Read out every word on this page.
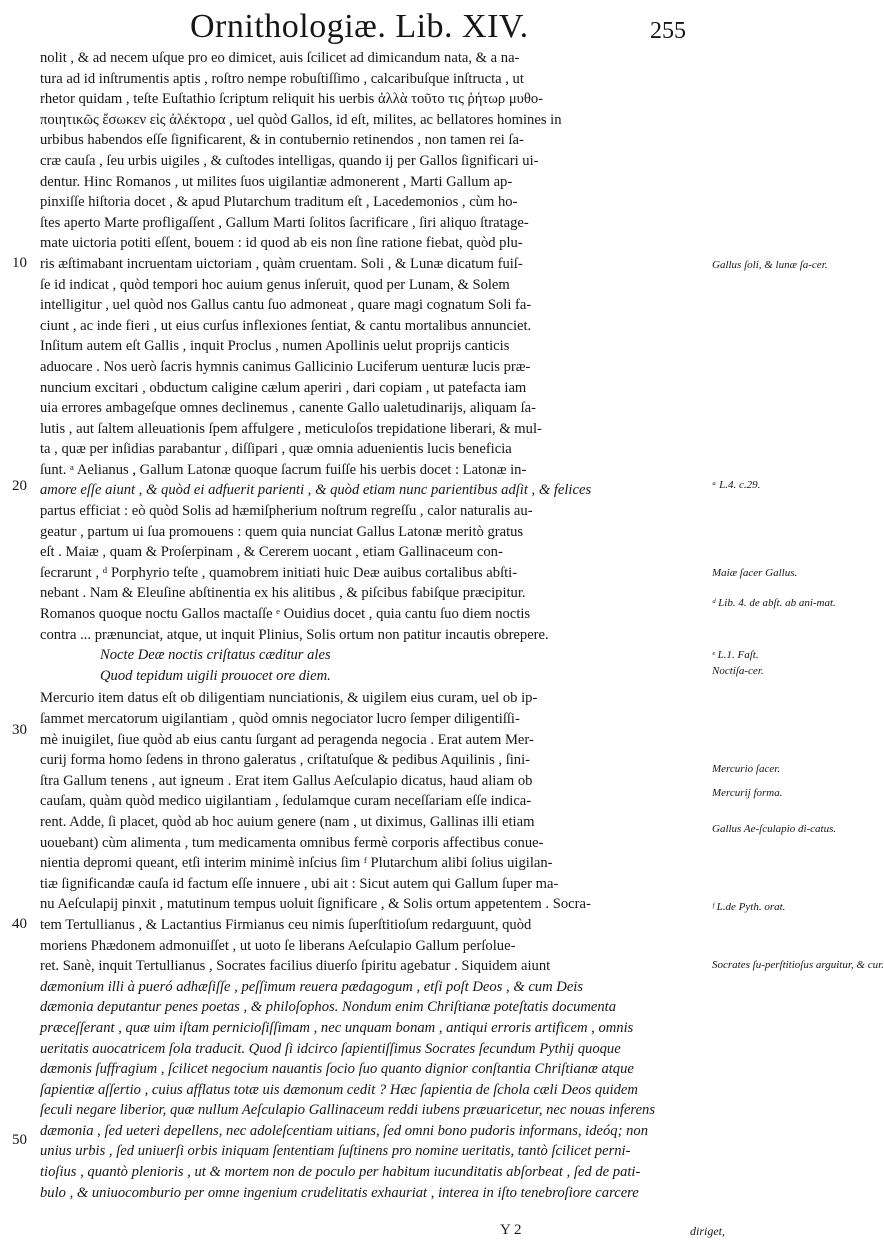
Ornithologiæ. Lib. XIV.	255
10
20
30
40
50
nolit , & ad necem uſque pro eo dimicet, auis ſcilicet ad dimicandum nata, & a na-
tura ad id inſtrumentis aptis , roſtro nempe robuſtiſſimo , calcaribuſque inſtructa , ut
rhetor quidam , teſte Euſtathio ſcriptum reliquit his uerbis ἀλλὰ τοῦτο τις ῥήτωρ μυθο-
ποιητικῶς ἔσωκεν εἰς ἀλέκτορα , uel quòd Gallos, id eſt, milites, ac bellatores homines in
urbibus habendos eſſe ſignificarent, & in contubernio retinendos , non tamen rei ſa-
cræ cauſa , ſeu urbis uigiles , & cuſtodes intelligas, quando ij per Gallos ſignificari ui-
dentur. Hinc Romanos , ut milites ſuos uigilantiæ admonerent , Marti Gallum ap-
pinxiſſe hiſtoria docet , & apud Plutarchum traditum eſt , Lacedemonios , cùm ho-
ſtes aperto Marte profligaſſent , Gallum Marti ſolitos ſacrificare , ſiri aliquo ſtratage-
mate uictoria potiti eſſent, bouem : id quod ab eis non ſine ratione fiebat, quòd plu-
ris æſtimabant incruentam uictoriam , quàm cruentam. Soli , & Lunæ dicatum fuiſ-
ſe id indicat , quòd tempori hoc auium genus inſeruit, quod per Lunam, & Solem
intelligitur , uel quòd nos Gallus cantu ſuo admoneat , quare magi cognatum Soli fa-
ciunt , ac inde fieri , ut eius curſus inflexiones ſentiat, & cantu mortalibus annunciet.
Inſitum autem eſt Gallis , inquit Proclus , numen Apollinis uelut proprijs canticis
aduocare . Nos uerò ſacris hymnis canimus Gallicinio Luciferum uenturæ lucis præ-
nuncium excitari , obductum caligine cælum aperiri , dari copiam , ut patefacta iam
uia errores ambageſque omnes declinemus , canente Gallo ualetudinarijs, aliquam ſa-
lutis , aut ſaltem alleuationis ſpem affulgere , meticuloſos trepidatione liberari, & mul-
ta , quæ per inſidias parabantur , diſſipari , quæ omnia aduenientis lucis beneficia
ſunt. ᵃ Aelianus , Gallum Latonæ quoque ſacrum fuiſſe his uerbis docet : Latonæ in-
amore eſſe aiunt , & quòd ei adfuerit parienti , & quòd etiam nunc parientibus adſit , & felices
partus efficiat : eò quòd Solis ad hæmiſpherium noſtrum regreſſu , calor naturalis au-
geatur , partum ui ſua promouens : quem quia nunciat Gallus Latonæ meritò gratus
eſt . Maiæ , quam & Proſerpinam , & Cererem uocant , etiam Gallinaceum con-
ſecrarunt , ᵈ Porphyrio teſte , quamobrem initiati huic Deæ auibus cortalibus abſti-
nebant . Nam & Eleuſine abſtinentia ex his alitibus , & piſcibus fabiſque præcipitur.
Romanos quoque noctu Gallos mactaſſe ᵉ Ouidius docet , quia cantu ſuo diem noctis
contra ... prænunciat, atque, ut inquit Plinius, Solis ortum non patitur incautis obrepere.
Nocte Deæ noctis criſtatus cæditur ales
Quod tepidum uigili prouocet ore diem.
Mercurio item datus eſt ob diligentiam nunciationis, & uigilem eius curam, uel ob ip-
ſammet mercatorum uigilantiam , quòd omnis negociator lucro ſemper diligentiſſi-
mè inuigilet, ſiue quòd ab eius cantu ſurgant ad peragenda negocia . Erat autem Mer-
curij forma homo ſedens in throno galeratus , criſtatuſque & pedibus Aquilinis , ſini-
ſtra Gallum tenens , aut igneum . Erat item Gallus Aeſculapio dicatus, haud aliam ob
cauſam, quàm quòd medico uigilantiam , ſedulamque curam neceſſariam eſſe indica-
rent. Adde, ſi placet, quòd ab hoc auium genere (nam , ut diximus, Gallinas illi etiam
uouebant) cùm alimenta , tum medicamenta omnibus fermè corporis affectibus conue-
nientia depromi queant, etſi interim minimè inſcius ſim ᶠ Plutarchum alibi ſolius uigilan-
tiæ ſignificandæ cauſa id factum eſſe innuere , ubi ait : Sicut autem qui Gallum ſuper ma-
nu Aeſculapij pinxit , matutinum tempus uoluit ſignificare , & Solis ortum appetentem . Socra-
tem Tertullianus , & Lactantius Firmianus ceu nimis ſuperſtitioſum redarguunt, quòd
moriens Phædonem admonuiſſet , ut uoto ſe liberans Aeſculapio Gallum perſolue-
ret. Sanè, inquit Tertullianus , Socrates facilius diuerſo ſpiritu agebatur . Siquidem aiunt
dæmonium illi à pueró adhæſiſſe , peſſimum reuera pædagogum , etſi poſt Deos , & cum Deis
dæmonia deputantur penes poetas , & philoſophos. Nondum enim Chriſtianæ poteſtatis documenta
præceſſerant , quæ uim iſtam pernicioſiſſimam , nec unquam bonam , antiqui erroris artificem , omnis
ueritatis auocatricem ſola traducit. Quod ſi idcirco ſapientiſſimus Socrates ſecundum Pythij quoque
dæmonis ſuffragium , ſcilicet negocium nauantis ſocio ſuo quanto dignior conſtantia Chriſtianæ atque
ſapientiæ aſſertio , cuius afflatus totæ uis dæmonum cedit ? Hæc ſapientia de ſchola cæli Deos quidem
ſeculi negare liberior, quæ nullum Aeſculapio Gallinaceum reddi iubens præuaricetur, nec nouas inferens
dæmonia , ſed ueteri depellens, nec adoleſcentiam uitians, ſed omni bono pudoris informans, ideóq; non
unius urbis , ſed uniuerſi orbis iniquam ſententiam ſuſtinens pro nomine ueritatis, tantò ſcilicet perni-
tioſius , quantò plenioris , ut & mortem non de poculo per habitum iucunditatis abſorbeat , ſed de pati-
bulo , & uniuocomburio per omne ingenium crudelitatis exhauriat , interea in iſto tenebroſiore carcere
Gallus ſoli, & lunæ ſa-cer.
ᵃ L.4. c.29.
Maiæ ſacer Gallus.
ᵈ Lib. 4. de abſt. ab ani-mat.
ᵉ L.1. Faſt.
Noctiſa-cer.
Mercurio ſacer.
Mercurij forma.
Gallus Ae-ſculapio di-catus.
ᶠ L.de Pyth. orat.
Socrates ſu-perſtitioſus arguitur, & cur.
Y 2	diriget,
